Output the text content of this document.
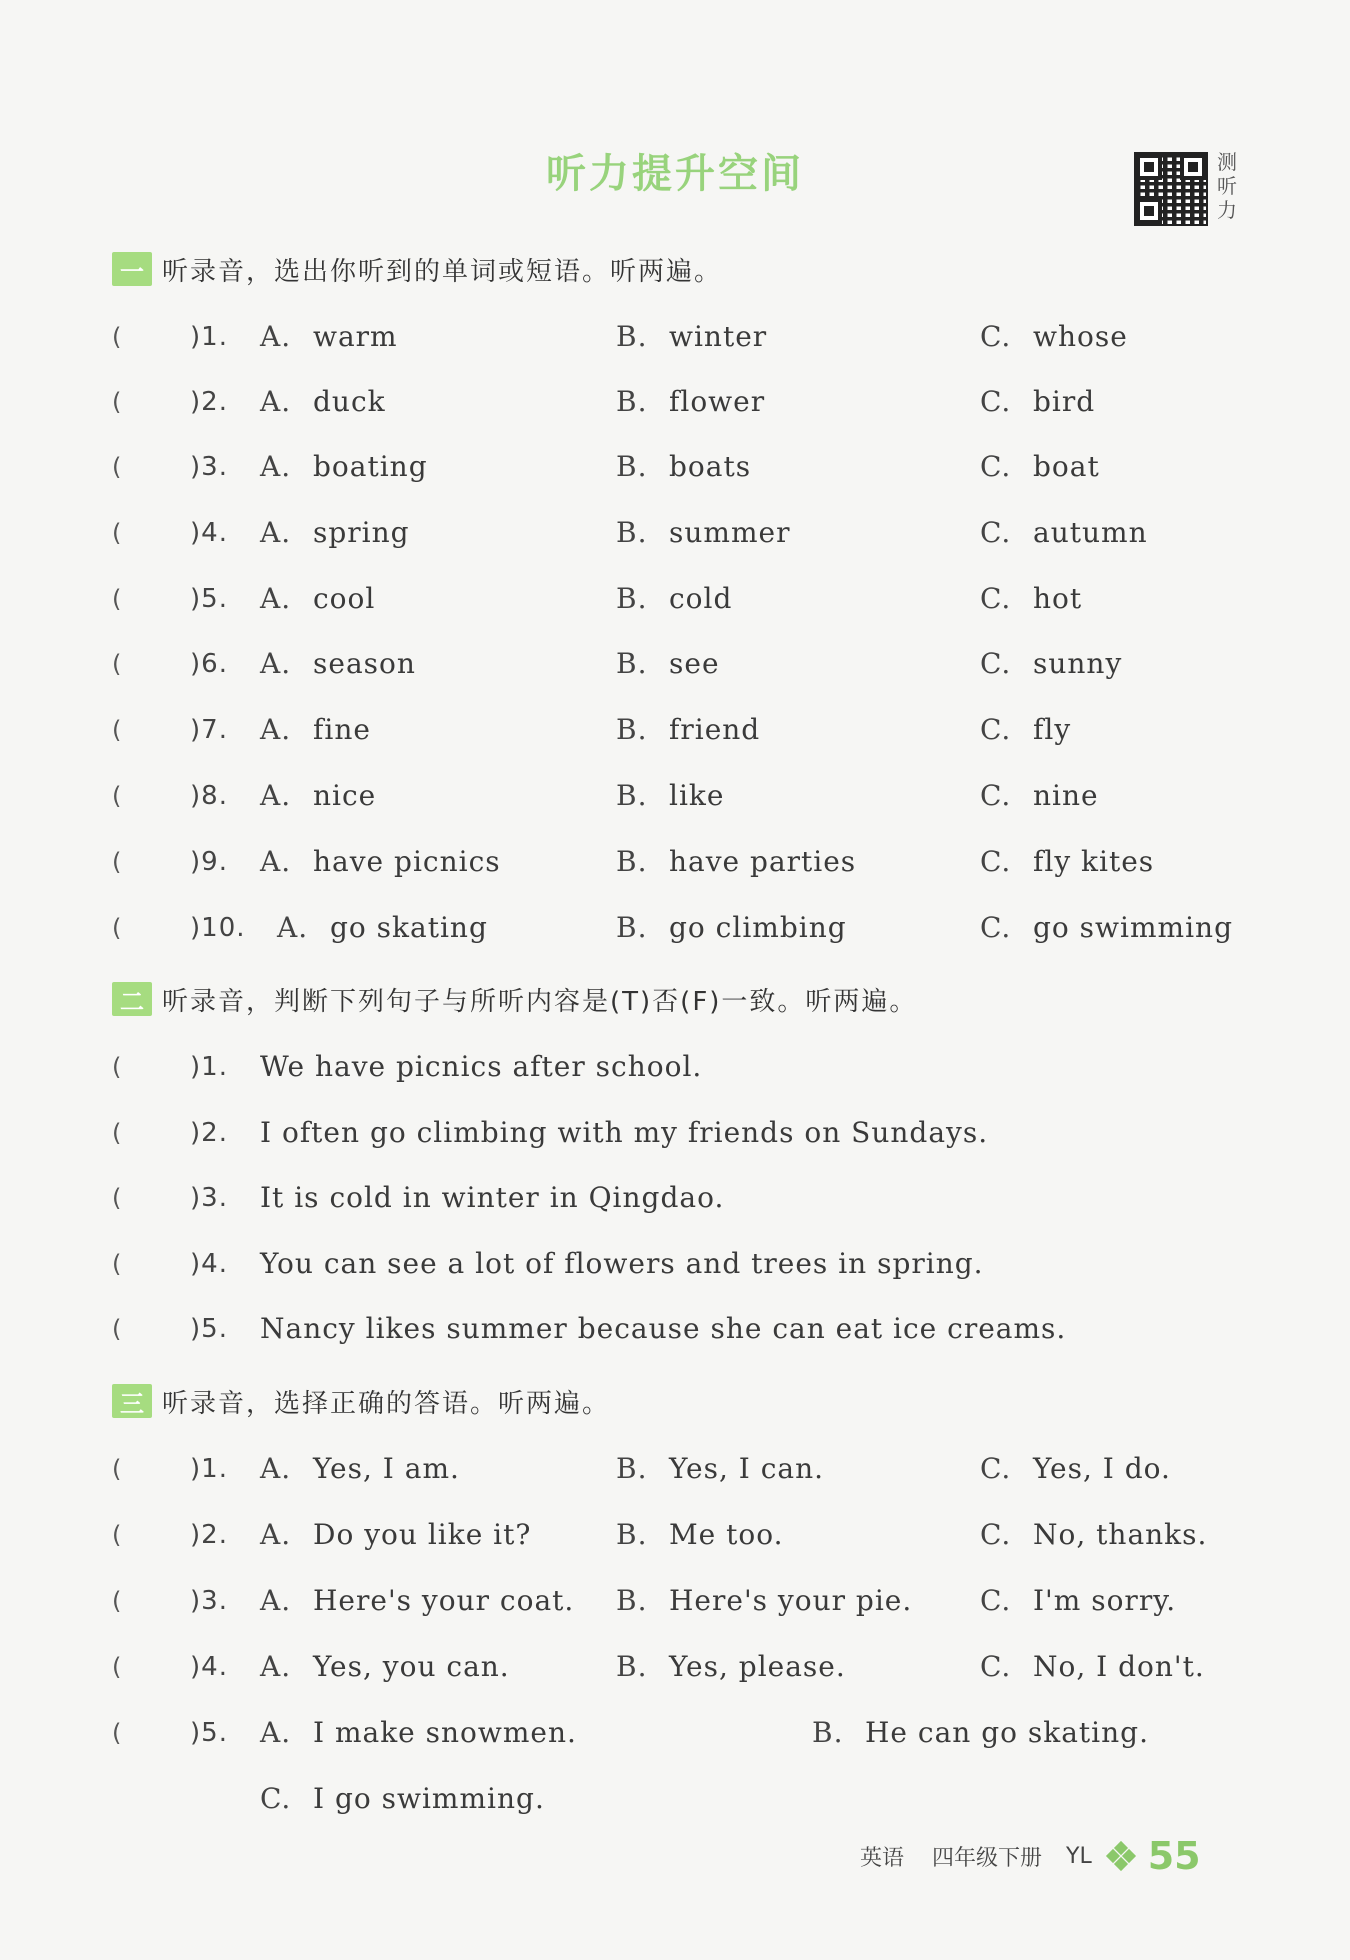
听力提升空间	测听力
一 听录音，选出你听到的单词或短语。听两遍。
(	)1. A. warm	B. winter	C. whose
(	)2. A. duck	B. flower	C. bird
(	)3. A. boating	B. boats	C. boat
(	)4. A. spring	B. summer	C. autumn
(	)5. A. cool	B. cold	C. hot
(	)6. A. season	B. see	C. sunny
(	)7. A. fine	B. friend	C. fly
(	)8. A. nice	B. like	C. nine
(	)9. A. have picnics	B. have parties	C. fly kites
(	)10. A. go skating	B. go climbing	C. go swimming
二 听录音，判断下列句子与所听内容是(T)否(F)一致。听两遍。
(	)1. We have picnics after school.
(	)2. I often go climbing with my friends on Sundays.
(	)3. It is cold in winter in Qingdao.
(	)4. You can see a lot of flowers and trees in spring.
(	)5. Nancy likes summer because she can eat ice creams.
三 听录音，选择正确的答语。听两遍。
(	)1. A. Yes, I am.	B. Yes, I can.	C. Yes, I do.
(	)2. A. Do you like it?	B. Me too.	C. No, thanks.
(	)3. A. Here's your coat. B. Here's your pie. C. I'm sorry.
(	)4. A. Yes, you can.	B. Yes, please.	C. No, I don't.
(	)5. A. I make snowmen.	B. He can go skating.
C. I go swimming.
英语 四年级下册 YL 55
